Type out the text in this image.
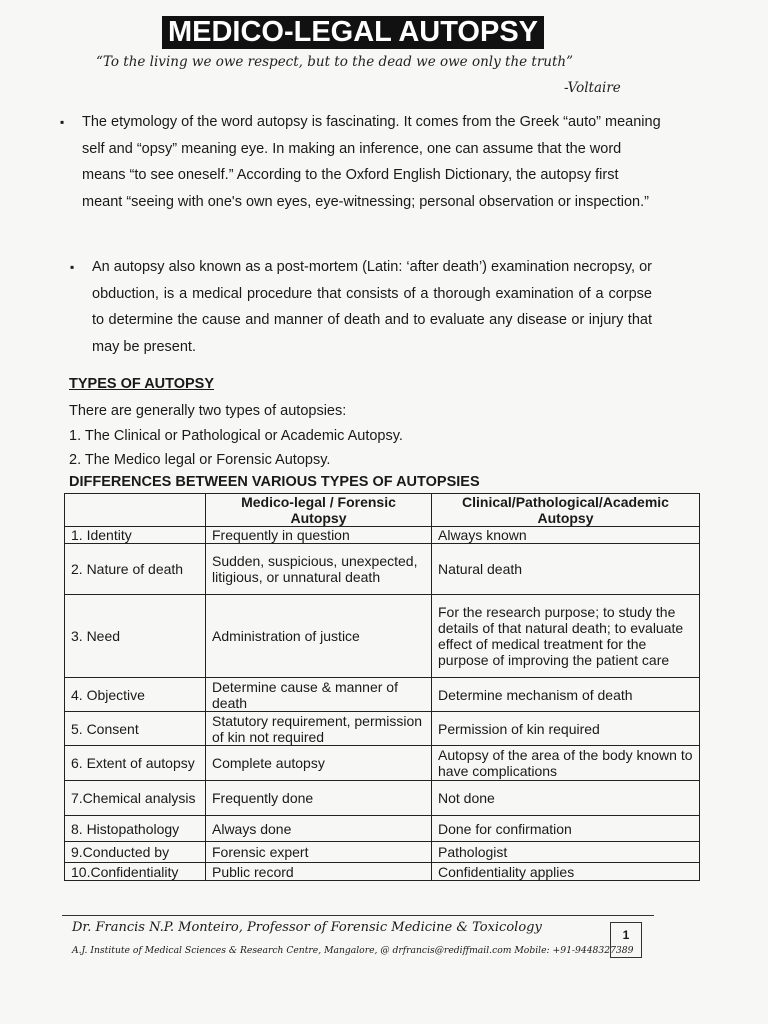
MEDICO-LEGAL AUTOPSY
“To the living we owe respect, but to the dead we owe only the truth”
-Voltaire
▪ The etymology of the word autopsy is fascinating. It comes from the Greek “auto” meaning self and “opsy” meaning eye. In making an inference, one can assume that the word means “to see oneself.” According to the Oxford English Dictionary, the autopsy first meant “seeing with one's own eyes, eye-witnessing; personal observation or inspection.”
▪ An autopsy also known as a post-mortem (Latin: ‘after death’) examination necropsy, or obduction, is a medical procedure that consists of a thorough examination of a corpse to determine the cause and manner of death and to evaluate any disease or injury that may be present.
TYPES OF AUTOPSY
There are generally two types of autopsies:
1. The Clinical or Pathological or Academic Autopsy.
2. The Medico legal or Forensic Autopsy.
DIFFERENCES BETWEEN VARIOUS TYPES OF AUTOPSIES
	Medico-legal / Forensic Autopsy	Clinical/Pathological/Academic Autopsy
1. Identity	Frequently in question	Always known
2. Nature of death	Sudden, suspicious, unexpected, litigious, or unnatural death	Natural death
3. Need	Administration of justice	For the research purpose; to study the details of that natural death; to evaluate effect of medical treatment for the purpose of improving the patient care
4. Objective	Determine cause & manner of death	Determine mechanism of death
5. Consent	Statutory requirement, permission of kin not required	Permission of kin required
6. Extent of autopsy	Complete autopsy	Autopsy of the area of the body known to have complications
7.Chemical analysis	Frequently done	Not done
8. Histopathology	Always done	Done for confirmation
9.Conducted by	Forensic expert	Pathologist
10.Confidentiality	Public record	Confidentiality applies
Dr. Francis N.P. Monteiro, Professor of Forensic Medicine & Toxicology
A.J. Institute of Medical Sciences & Research Centre, Mangalore, @ drfrancis@rediffmail.com Mobile: +91-9448327389
1
